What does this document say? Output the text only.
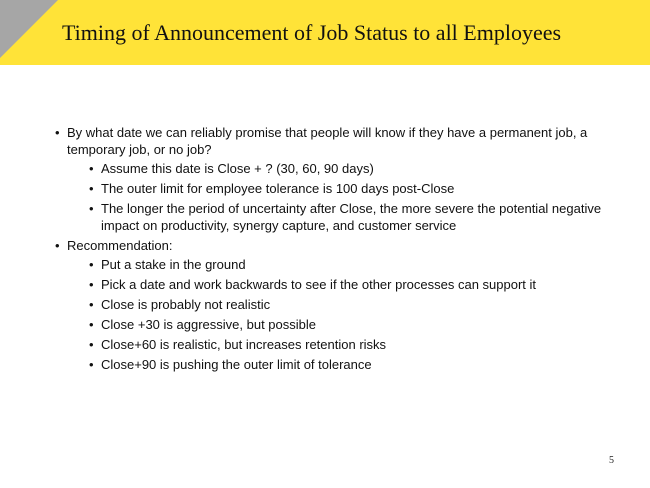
Timing of Announcement of Job Status to all Employees
• By what date we can reliably promise that people will know if they have a permanent job, a temporary job, or no job?
• Assume this date is Close + ? (30, 60, 90 days)
• The outer limit for employee tolerance is 100 days post-Close
• The longer the period of uncertainty after Close, the more severe the potential negative impact on productivity, synergy capture, and customer service
• Recommendation:
• Put a stake in the ground
• Pick a date and work backwards to see if the other processes can support it
• Close is probably not realistic
• Close +30 is aggressive, but possible
• Close+60 is realistic, but increases retention risks
• Close+90 is pushing the outer limit of tolerance
5
